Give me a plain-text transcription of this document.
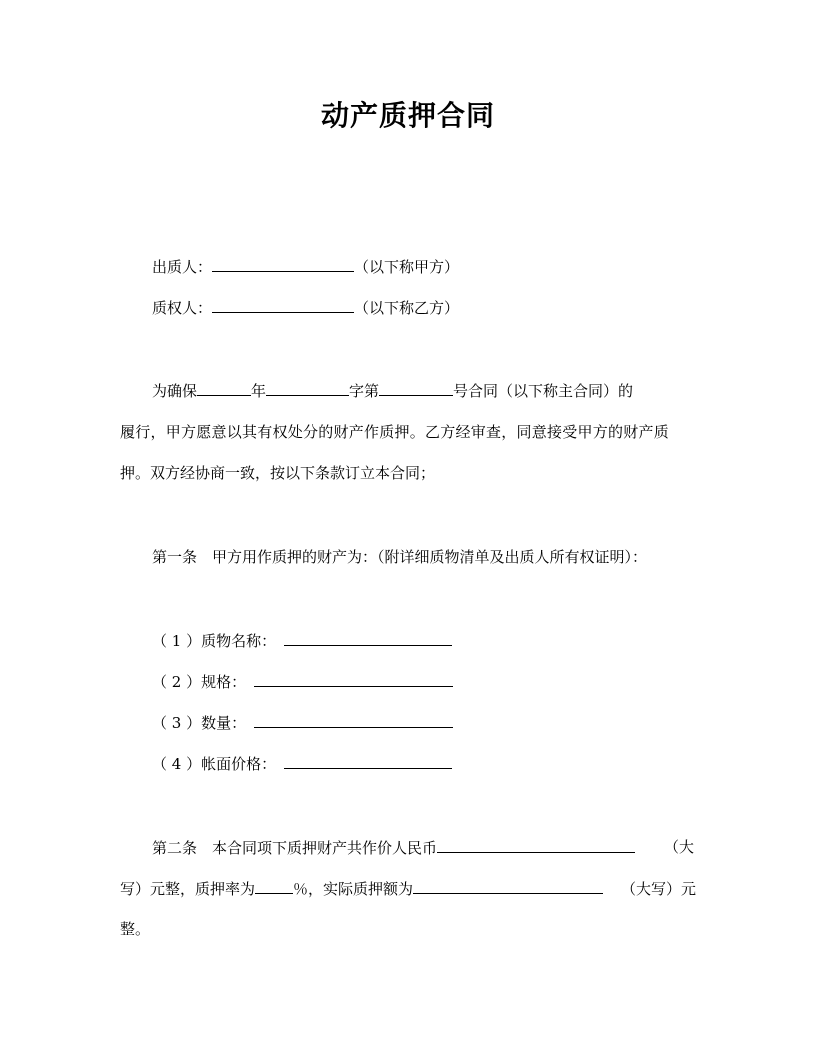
动产质押合同
出质人：	（以下称甲方）
质权人：	（以下称乙方）
为确保	年	字第	号合同（以下称主合同）的
履行，甲方愿意以其有权处分的财产作质押。乙方经审查，同意接受甲方的财产质
押。双方经协商一致，按以下条款订立本合同；
第一条　甲方用作质押的财产为：（附详细质物清单及出质人所有权证明）：
（ 1 ）质物名称：
（ 2 ）规格：
（ 3 ）数量：
（ 4 ）帐面价格：
第二条　本合同项下质押财产共作价人民币	（大
写）元整，质押率为	％，实际质押额为	（大写）元
整。
